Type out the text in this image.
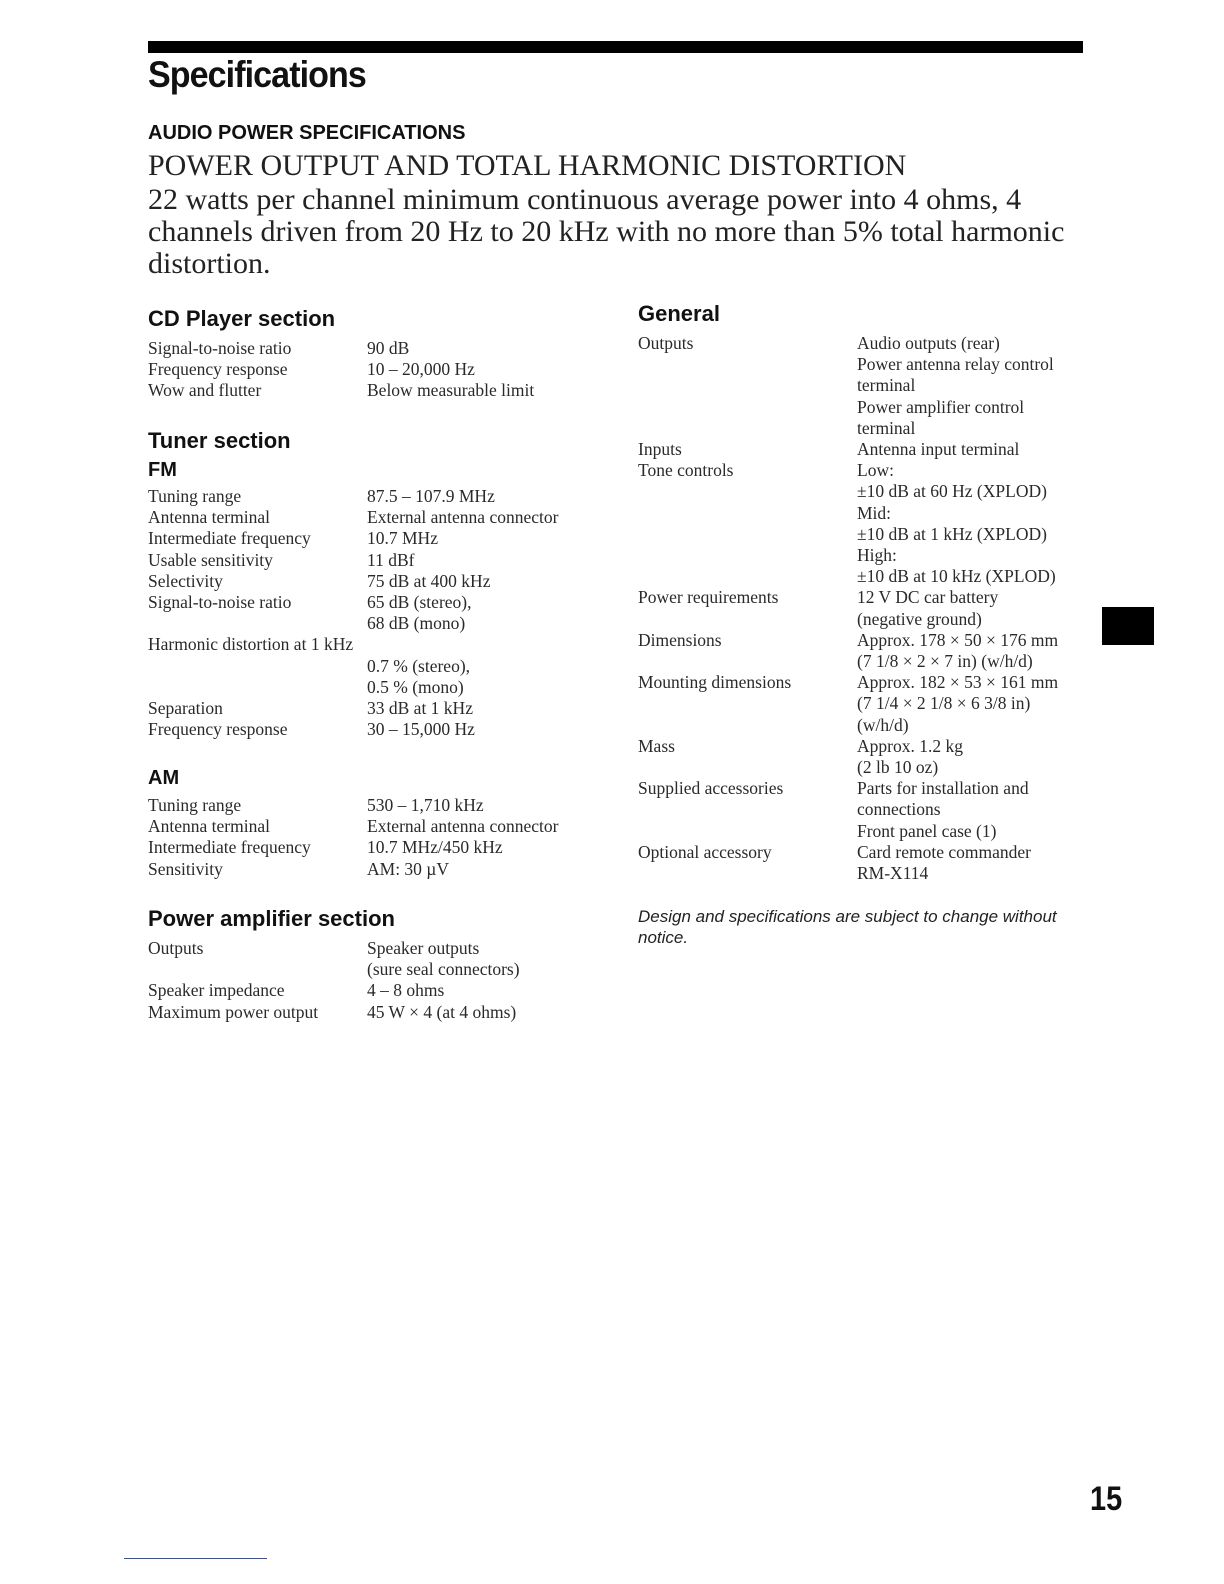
Specifications
AUDIO POWER SPECIFICATIONS
POWER OUTPUT AND TOTAL HARMONIC DISTORTION
22 watts per channel minimum continuous average power into 4 ohms, 4 channels driven from 20 Hz to 20 kHz with no more than 5% total harmonic distortion.
CD Player section
Signal-to-noise ratio
Frequency response
Wow and flutter
90 dB
10 – 20,000 Hz
Below measurable limit
Tuner section
FM
Tuning range
Antenna terminal
Intermediate frequency
Usable sensitivity
Selectivity
Signal-to-noise ratio

Harmonic distortion at 1 kHz

Separation
Frequency response
87.5 – 107.9 MHz
External antenna connector
10.7 MHz
11 dBf
75 dB at 400 kHz
65 dB (stereo),
68 dB (mono)

0.7 % (stereo),
0.5 % (mono)
33 dB at 1 kHz
30 – 15,000 Hz
AM
Tuning range
Antenna terminal
Intermediate frequency
Sensitivity
530 – 1,710 kHz
External antenna connector
10.7 MHz/450 kHz
AM: 30 µV
Power amplifier section
Outputs

Speaker impedance
Maximum power output
Speaker outputs
(sure seal connectors)
4 – 8 ohms
45 W × 4 (at 4 ohms)
General
Outputs

Inputs
Tone controls

Power requirements

Dimensions

Mounting dimensions

Mass

Supplied accessories

Optional accessory

Audio outputs (rear)
Power antenna relay control
terminal
Power amplifier control
terminal
Antenna input terminal
Low:
±10 dB at 60 Hz (XPLOD)
Mid:
±10 dB at 1 kHz (XPLOD)
High:
±10 dB at 10 kHz (XPLOD)
12 V DC car battery
(negative ground)
Approx. 178 × 50 × 176 mm
(7 1/8 × 2 × 7 in) (w/h/d)
Approx. 182 × 53 × 161 mm
(7 1/4 × 2 1/8 × 6 3/8 in)
(w/h/d)
Approx. 1.2 kg
(2 lb 10 oz)
Parts for installation and
connections
Front panel case (1)
Card remote commander
RM-X114
Design and specifications are subject to change without notice.
15
